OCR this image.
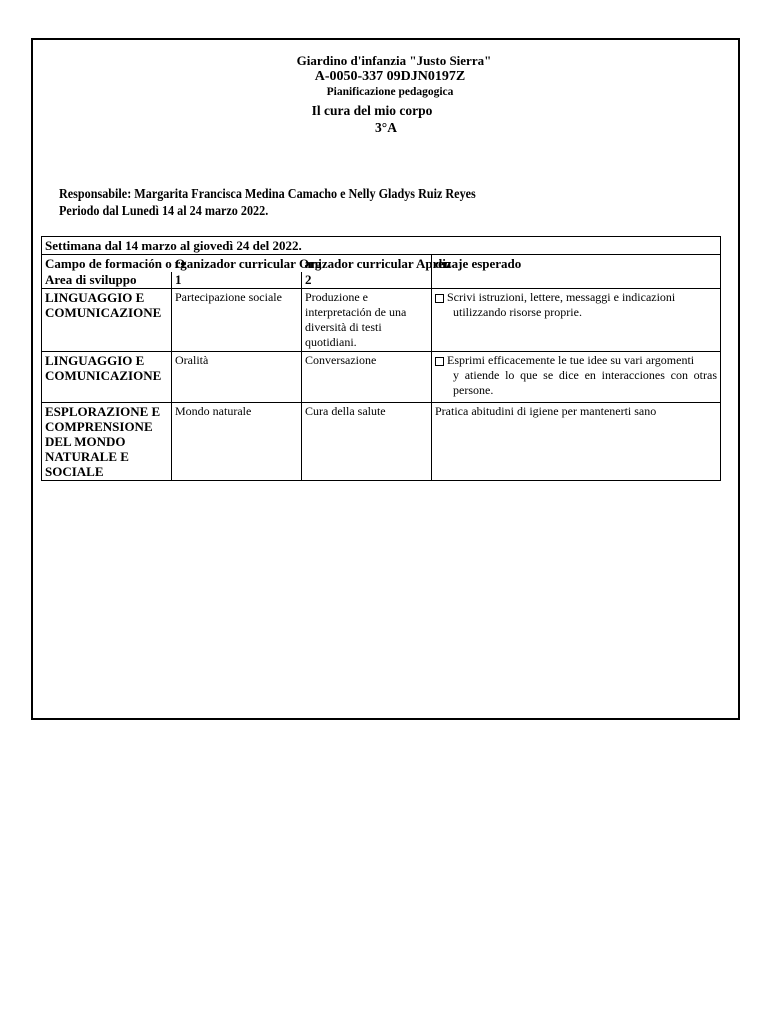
Giardino d'infanzia "Justo Sierra"
A-0050-337 09DJN0197Z
Pianificazione pedagogica
Il cura del mio corpo
3°A
Responsabile: Margarita Francisca Medina Camacho e Nelly Gladys Ruiz Reyes
Periodo dal Lunedì 14 al 24 marzo 2022.
Settimana dal 14 marzo al giovedì 24 del 2022.			
Campo de formación o O	rganizador curricular Org	anizador curricular Apren	dizaje esperado
Area di sviluppo	1	2	
LINGUAGGIO E COMUNICAZIONE	Partecipazione sociale	Produzione e interpretación de una diversità di testi quotidiani.	Scrivi istruzioni, lettere, messaggi e indicazioni
utilizzando risorse proprie.

LINGUAGGIO E COMUNICAZIONE	Oralità	Conversazione	Esprimi efficacemente le tue idee su vari argomenti
y atiende lo que se dice en interacciones con otras persone.

ESPLORAZIONE E COMPRENSIONE DEL MONDO NATURALE E SOCIALE	Mondo naturale	Cura della salute	Pratica abitudini di igiene per mantenerti sano
